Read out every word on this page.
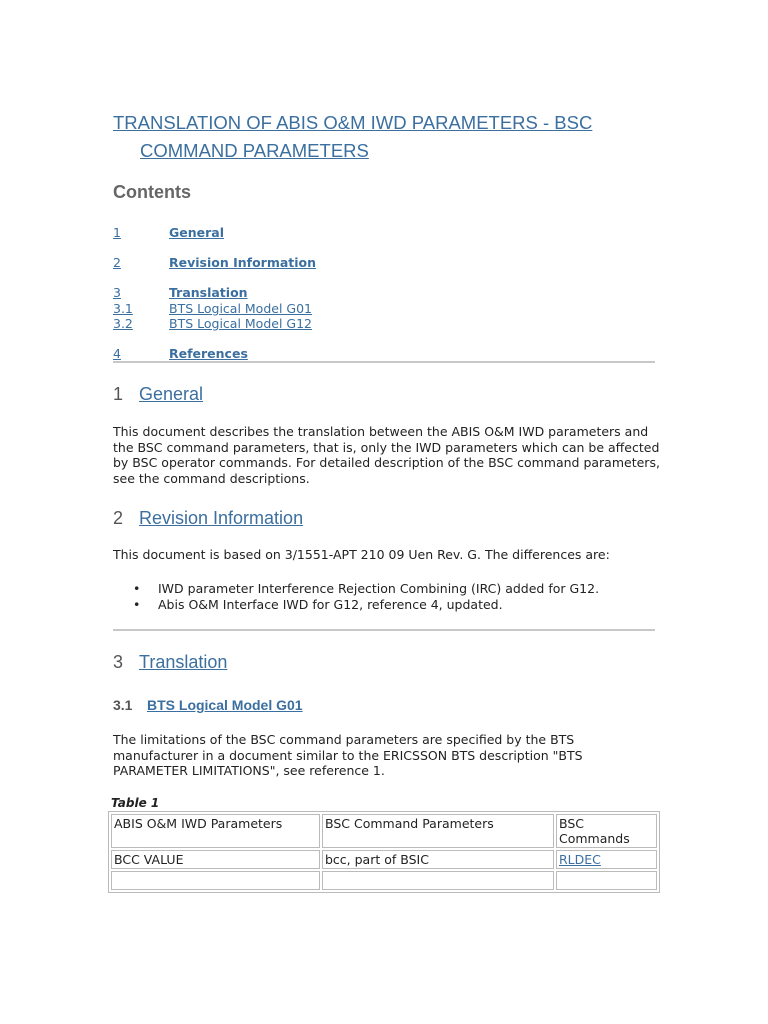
TRANSLATION OF ABIS O&M IWD PARAMETERS - BSC
COMMAND PARAMETERS
Contents
1	General
2	Revision Information
3	Translation
3.1	BTS Logical Model G01
3.2	BTS Logical Model G12
4	References
1 General
This document describes the translation between the ABIS O&M IWD parameters and the BSC command parameters, that is, only the IWD parameters which can be affected by BSC operator commands. For detailed description of the BSC command parameters, see the command descriptions.
2 Revision Information
This document is based on 3/1551-APT 210 09 Uen Rev. G. The differences are:
• IWD parameter Interference Rejection Combining (IRC) added for G12.
• Abis O&M Interface IWD for G12, reference 4, updated.
3 Translation
3.1 BTS Logical Model G01
The limitations of the BSC command parameters are specified by the BTS manufacturer in a document similar to the ERICSSON BTS description "BTS PARAMETER LIMITATIONS", see reference 1.
Table 1
ABIS O&M IWD Parameters	BSC Command Parameters	BSC Commands
BCC VALUE	bcc, part of BSIC	RLDEC
